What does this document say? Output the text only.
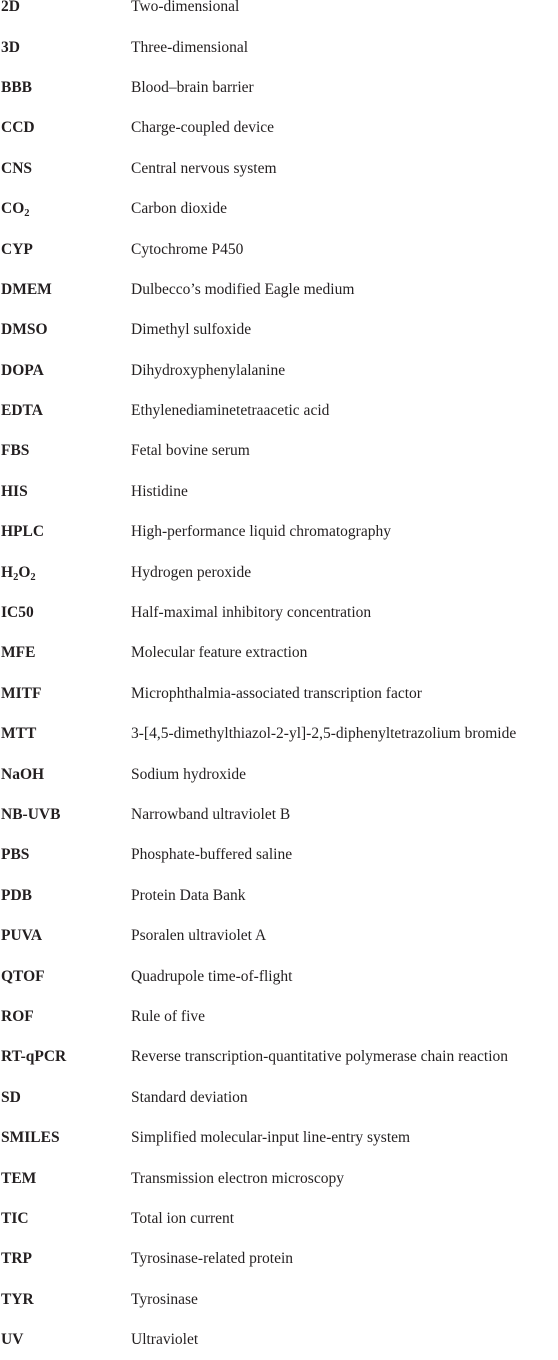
2D	Two-dimensional
3D	Three-dimensional
BBB	Blood–brain barrier
CCD	Charge-coupled device
CNS	Central nervous system
$CO_2$	Carbon dioxide
CYP	Cytochrome P450
DMEM	Dulbecco’s modified Eagle medium
DMSO	Dimethyl sulfoxide
DOPA	Dihydroxyphenylalanine
EDTA	Ethylenediaminetetraacetic acid
FBS	Fetal bovine serum
HIS	Histidine
HPLC	High-performance liquid chromatography
$H_2O_2$	Hydrogen peroxide
IC50	Half-maximal inhibitory concentration
MFE	Molecular feature extraction
MITF	Microphthalmia-associated transcription factor
MTT	3-[4,5-dimethylthiazol-2-yl]-2,5-diphenyltetrazolium bromide
NaOH	Sodium hydroxide
NB-UVB	Narrowband ultraviolet B
PBS	Phosphate-buffered saline
PDB	Protein Data Bank
PUVA	Psoralen ultraviolet A
QTOF	Quadrupole time-of-flight
ROF	Rule of five
RT-qPCR	Reverse transcription-quantitative polymerase chain reaction
SD	Standard deviation
SMILES	Simplified molecular-input line-entry system
TEM	Transmission electron microscopy
TIC	Total ion current
TRP	Tyrosinase-related protein
TYR	Tyrosinase
UV	Ultraviolet
